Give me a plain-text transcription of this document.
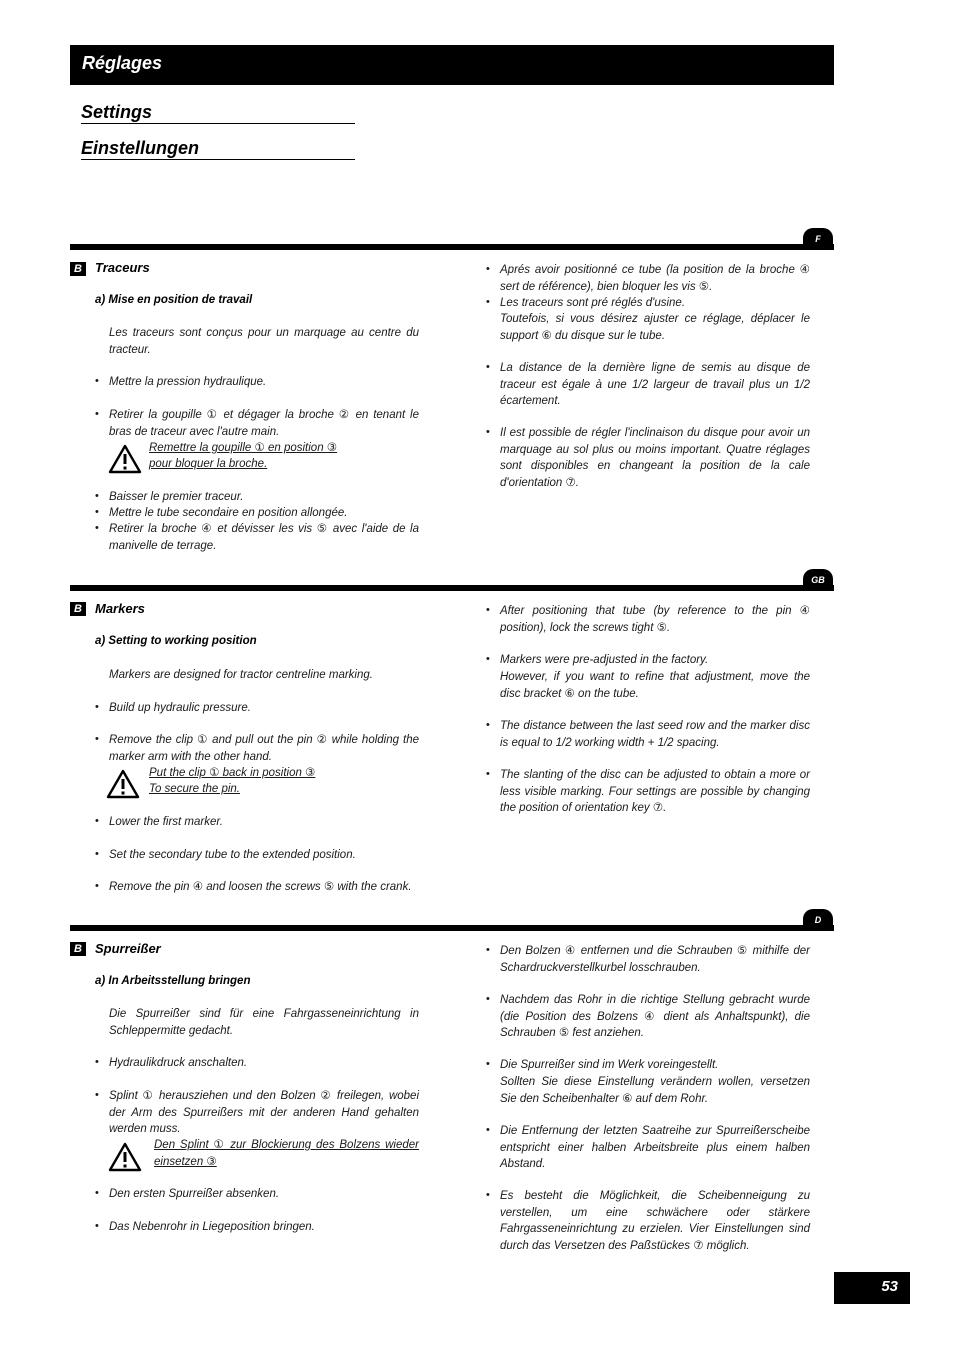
Réglages
Settings
Einstellungen
F
B	Traceurs
a) Mise en position de travail
Les traceurs sont conçus pour un marquage au centre du tracteur.
• Mettre la pression hydraulique.
• Retirer la goupille ① et dégager la broche ② en tenant le bras de traceur avec l'autre main.
Remettre la goupille ① en position ③
pour bloquer la broche.
• Baisser le premier traceur.
• Mettre le tube secondaire en position allongée.
• Retirer la broche ④ et dévisser les vis ⑤ avec l'aide de la manivelle de terrage.
• Aprés avoir positionné ce tube (la position de la broche ④ sert de référence), bien bloquer les vis ⑤.
• Les traceurs sont pré réglés d'usine.
Toutefois, si vous désirez ajuster ce réglage, déplacer le support ⑥ du disque sur le tube.
• La distance de la dernière ligne de semis au disque de traceur est égale à une 1/2 largeur de travail plus un 1/2 écartement.
• Il est possible de régler l'inclinaison du disque pour avoir un marquage au sol plus ou moins important. Quatre réglages sont disponibles en changeant la position de la cale d'orientation ⑦.
GB
B	Markers
a) Setting to working position
Markers are designed for tractor centreline marking.
• Build up hydraulic pressure.
• Remove the clip ① and pull out the pin ② while holding the marker arm with the other hand.
Put the clip ① back in position ③
To secure the pin.
• Lower the first marker.
• Set the secondary tube to the extended position.
• Remove the pin ④ and loosen the screws ⑤ with the crank.
• After positioning that tube (by reference to the pin ④ position), lock the screws tight ⑤.
• Markers were pre-adjusted in the factory.
However, if you want to refine that adjustment, move the disc bracket ⑥ on the tube.
• The distance between the last seed row and the marker disc is equal to 1/2 working width + 1/2 spacing.
• The slanting of the disc can be adjusted to obtain a more or less visible marking. Four settings are possible by changing the position of orientation key ⑦.
D
B	Spurreißer
a) In Arbeitsstellung bringen
Die Spurreißer sind für eine Fahrgasseneinrichtung in Schleppermitte gedacht.
• Hydraulikdruck anschalten.
• Splint ① herausziehen und den Bolzen ② freilegen, wobei der Arm des Spurreißers mit der anderen Hand gehalten werden muss.
Den Splint ① zur Blockierung des Bolzens wieder einsetzen ③
• Den ersten Spurreißer absenken.
• Das Nebenrohr in Liegeposition bringen.
• Den Bolzen ④ entfernen und die Schrauben ⑤ mithilfe der Schardruckverstellkurbel losschrauben.
• Nachdem das Rohr in die richtige Stellung gebracht wurde (die Position des Bolzens ④ dient als Anhaltspunkt), die Schrauben ⑤ fest anziehen.
• Die Spurreißer sind im Werk voreingestellt.
Sollten Sie diese Einstellung verändern wollen, versetzen Sie den Scheibenhalter ⑥ auf dem Rohr.
• Die Entfernung der letzten Saatreihe zur Spurreißerscheibe entspricht einer halben Arbeitsbreite plus einem halben Abstand.
• Es besteht die Möglichkeit, die Scheibenneigung zu verstellen, um eine schwächere oder stärkere Fahrgasseneinrichtung zu erzielen. Vier Einstellungen sind durch das Versetzen des Paßstückes ⑦ möglich.
53
